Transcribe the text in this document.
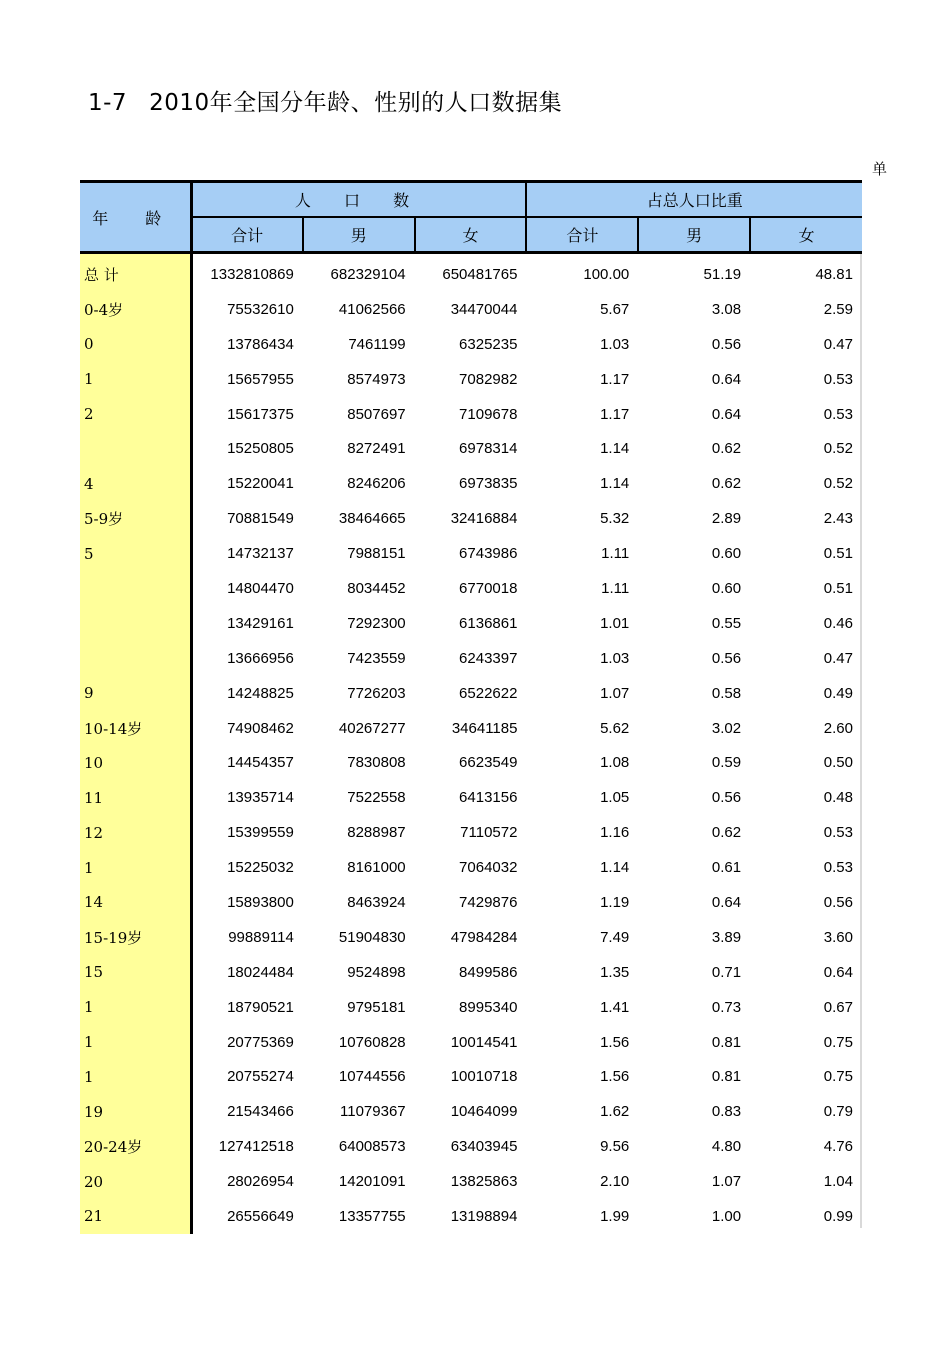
1-7 2010年全国分年龄、性别的人口数据集
单
年 龄	人 口 数			占总人口比重		
	合计	男	女	合计	男	女
总 计	1332810869	682329104	650481765	100.00	51.19	48.81
0-4岁	75532610	41062566	34470044	5.67	3.08	2.59
0	13786434	7461199	6325235	1.03	0.56	0.47
1	15657955	8574973	7082982	1.17	0.64	0.53
2	15617375	8507697	7109678	1.17	0.64	0.53
	15250805	8272491	6978314	1.14	0.62	0.52
4	15220041	8246206	6973835	1.14	0.62	0.52
5-9岁	70881549	38464665	32416884	5.32	2.89	2.43
5	14732137	7988151	6743986	1.11	0.60	0.51
	14804470	8034452	6770018	1.11	0.60	0.51
	13429161	7292300	6136861	1.01	0.55	0.46
	13666956	7423559	6243397	1.03	0.56	0.47
9	14248825	7726203	6522622	1.07	0.58	0.49
10-14岁	74908462	40267277	34641185	5.62	3.02	2.60
10	14454357	7830808	6623549	1.08	0.59	0.50
11	13935714	7522558	6413156	1.05	0.56	0.48
12	15399559	8288987	7110572	1.16	0.62	0.53
1	15225032	8161000	7064032	1.14	0.61	0.53
14	15893800	8463924	7429876	1.19	0.64	0.56
15-19岁	99889114	51904830	47984284	7.49	3.89	3.60
15	18024484	9524898	8499586	1.35	0.71	0.64
1	18790521	9795181	8995340	1.41	0.73	0.67
1	20775369	10760828	10014541	1.56	0.81	0.75
1	20755274	10744556	10010718	1.56	0.81	0.75
19	21543466	11079367	10464099	1.62	0.83	0.79
20-24岁	127412518	64008573	63403945	9.56	4.80	4.76
20	28026954	14201091	13825863	2.10	1.07	1.04
21	26556649	13357755	13198894	1.99	1.00	0.99
